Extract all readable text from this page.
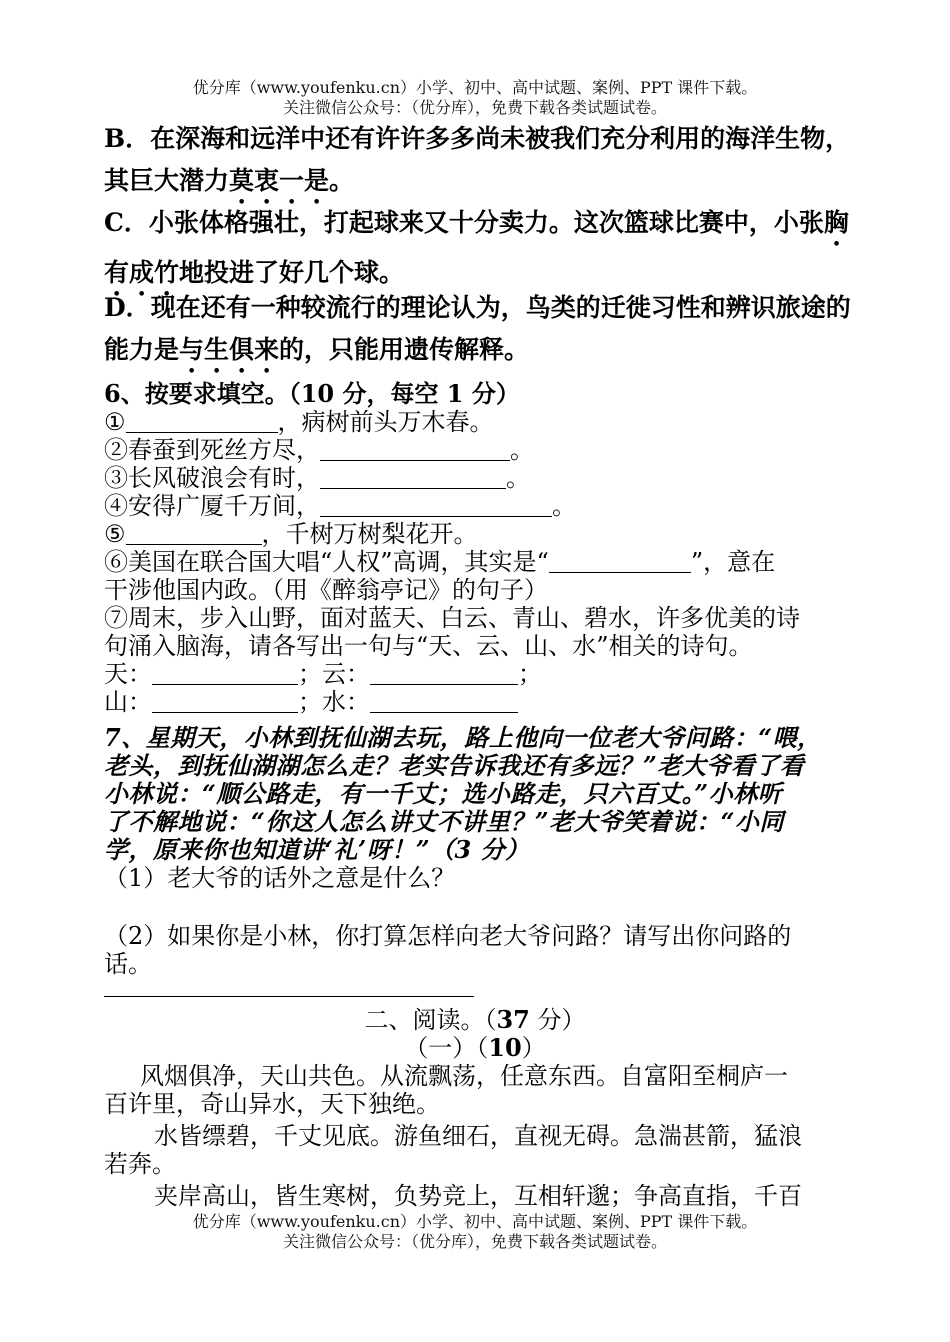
优分库（www.youfenku.cn）小学、初中、高中试题、案例、PPT 课件下载。
关注微信公众号：（优分库），免费下载各类试题试卷。
B．在深海和远洋中还有许许多多尚未被我们充分利用的海洋生物，其巨大潜力莫衷一是。
C．小张体格强壮，打起球来又十分卖力。这次篮球比赛中，小张胸有成竹地投进了好几个球。
D．现在还有一种较流行的理论认为，鸟类的迁徙习性和辨识旅途的能力是与生俱来的，只能用遗传解释。
6、按要求填空。（10 分，每空 1 分）
①	，病树前头万木春。
②春蚕到死丝方尽，	。
③长风破浪会有时，	。
④安得广厦千万间，	。
⑤	，千树万树梨花开。
⑥美国在联合国大唱“人权”高调，其实是“	”，意在
干涉他国内政。（用《醉翁亭记》的句子）
⑦周末，步入山野，面对蓝天、白云、青山、碧水，许多优美的诗
句涌入脑海，请各写出一句与“天、云、山、水”相关的诗句。
天：	；云：	；
山：	；水：
7、星期天，小林到抚仙湖去玩，路上他向一位老大爷问路：“喂，
老头，到抚仙湖湖怎么走？老实告诉我还有多远？”老大爷看了看
小林说：“顺公路走，有一千丈；选小路走，只六百丈。”小林听
了不解地说：“你这人怎么讲丈不讲里？”老大爷笑着说：“小同
学，原来你也知道讲‘礼’呀！”（3 分）
（1）老大爷的话外之意是什么？
（2）如果你是小林，你打算怎样向老大爷问路？请写出你问路的
话。
二、阅读。（37 分）
（一）（10）
风烟俱净，天山共色。从流飘荡，任意东西。自富阳至桐庐一
百许里，奇山异水，天下独绝。
水皆缥碧，千丈见底。游鱼细石，直视无碍。急湍甚箭，猛浪
若奔。
夹岸高山，皆生寒树，负势竞上，互相轩邈；争高直指，千百
优分库（www.youfenku.cn）小学、初中、高中试题、案例、PPT 课件下载。
关注微信公众号：（优分库），免费下载各类试题试卷。
